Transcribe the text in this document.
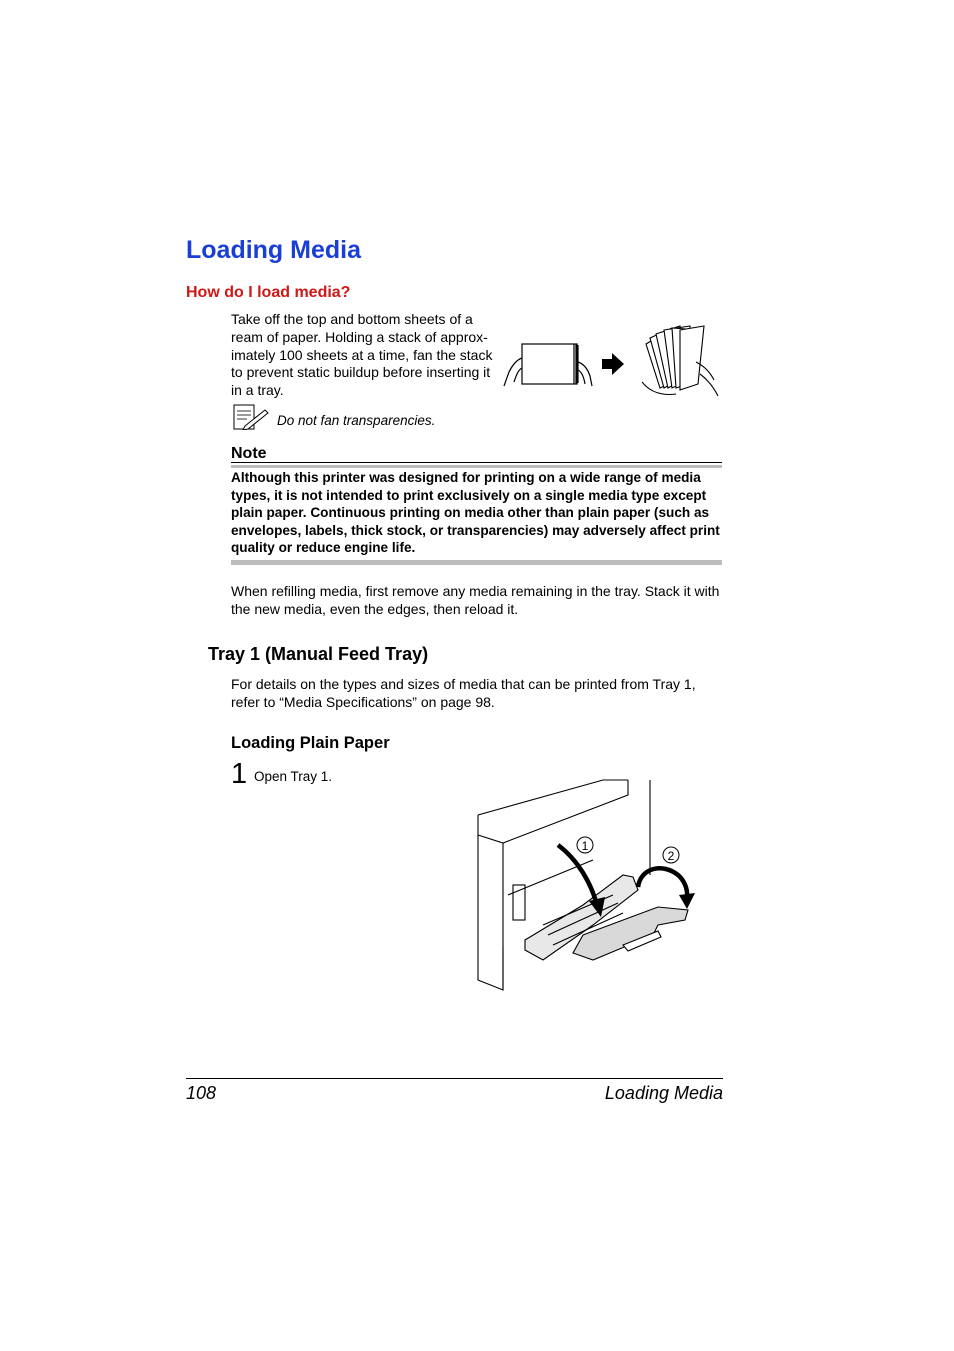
Loading Media
How do I load media?
Take off the top and bottom sheets of a ream of paper. Holding a stack of approx-imately 100 sheets at a time, fan the stack to prevent static buildup before inserting it in a tray.
Do not fan transparencies.
Note
Although this printer was designed for printing on a wide range of media types, it is not intended to print exclusively on a single media type except plain paper. Continuous printing on media other than plain paper (such as envelopes, labels, thick stock, or transparencies) may adversely affect print quality or reduce engine life.
When refilling media, first remove any media remaining in the tray. Stack it with the new media, even the edges, then reload it.
Tray 1 (Manual Feed Tray)
For details on the types and sizes of media that can be printed from Tray 1, refer to “Media Specifications” on page 98.
Loading Plain Paper
1 Open Tray 1.
1
2
108	Loading Media
